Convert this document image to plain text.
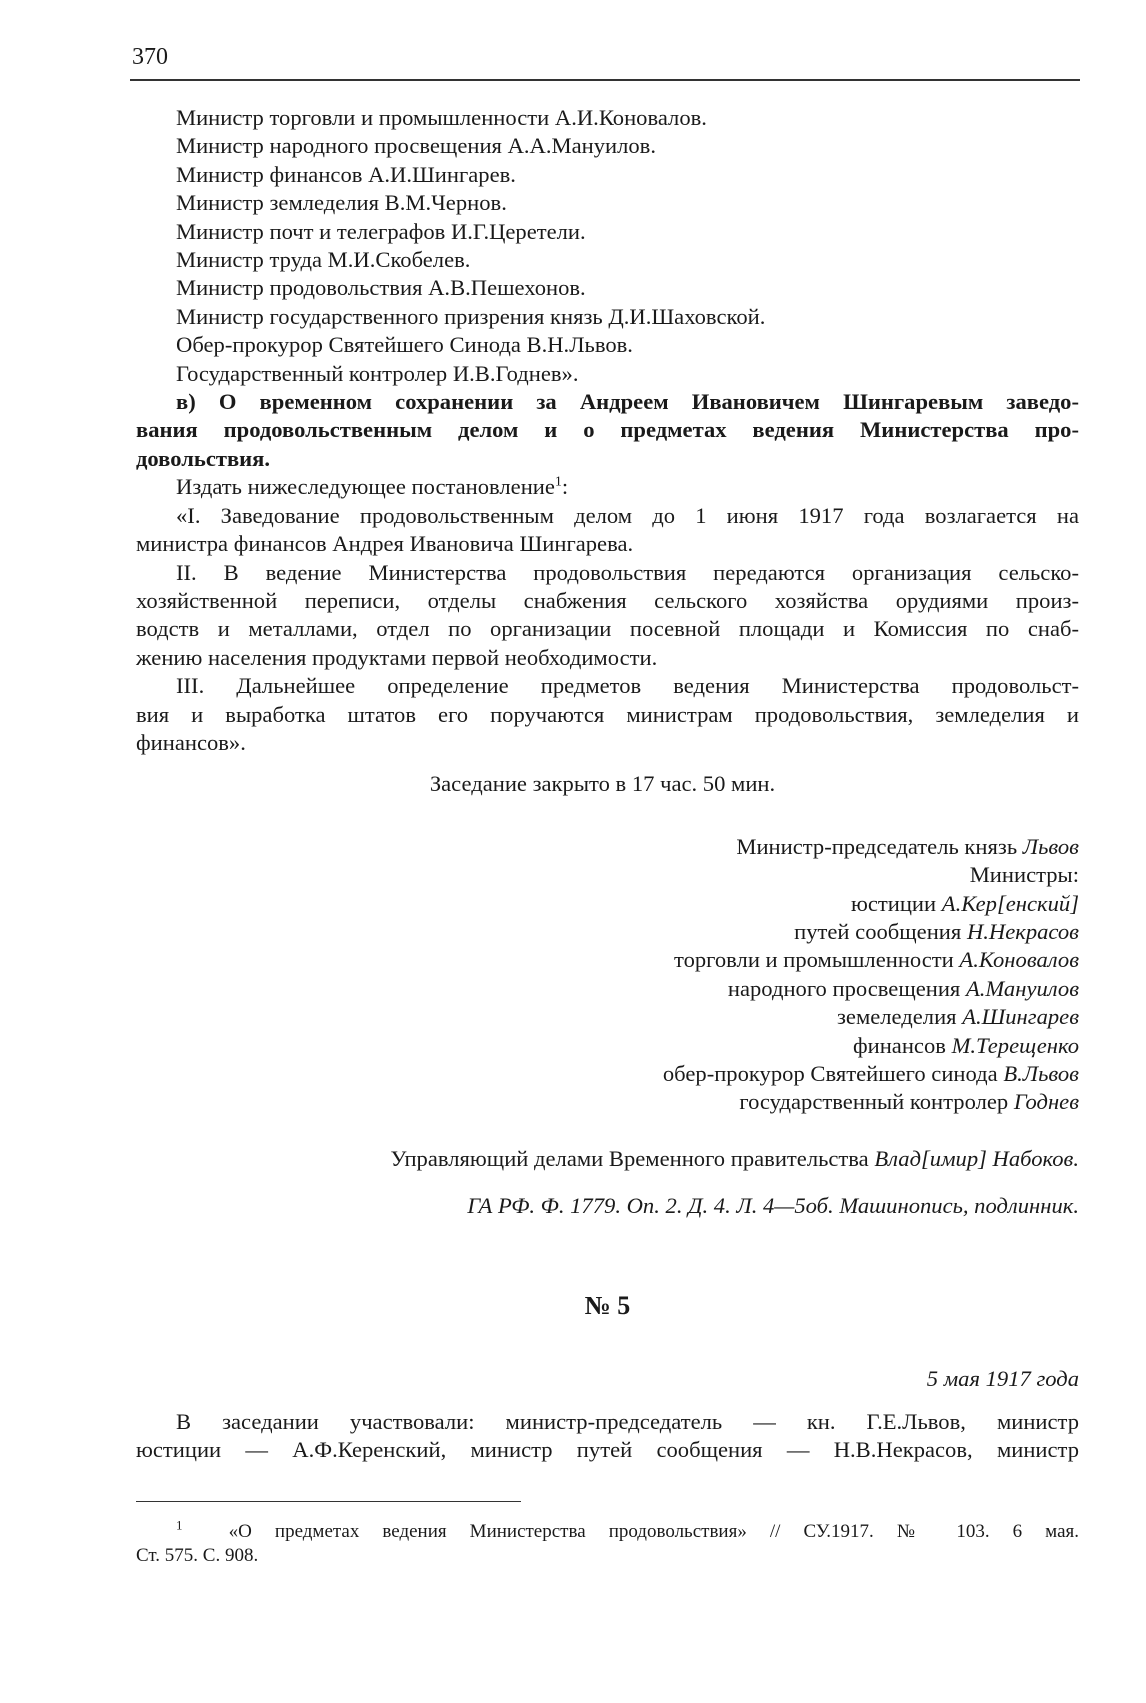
370

Министр торговли и промышленности А.И.Коновалов.

Министр народного просвещения А.А.Мануилов.

Министр финансов А.И.Шингарев.

Министр земледелия В.М.Чернов.

Министр почт и телеграфов И.Г.Церетели.

Министр труда М.И.Скобелев.

Министр продовольствия А.В.Пешехонов.

Министр государственного призрения князь Д.И.Шаховской.

Обер-прокурор Святейшего Синода В.Н.Львов.

Государственный контролер И.В.Годнев».

в) О временном сохранении за Андреем Ивановичем Шингаревым заведо-

вания продовольственным делом и о предметах ведения Министерства про-

довольствия.

Издать нижеследующее постановление$^1$:

«I. Заведование продовольственным делом до 1 июня 1917 года возлагается на

министра финансов Андрея Ивановича Шингарева.

II. В ведение Министерства продовольствия передаются организация сельско-

хозяйственной переписи, отделы снабжения сельского хозяйства орудиями произ-

водств и металлами, отдел по организации посевной площади и Комиссия по снаб-

жению населения продуктами первой необходимости.

III. Дальнейшее определение предметов ведения Министерства продовольст-

вия и выработка штатов его поручаются министрам продовольствия, земледелия и

финансов».

Заседание закрыто в 17 час. 50 мин.

Министр-председатель князь Львов
Министры:
юстиции А.Кер[енский]
путей сообщения Н.Некрасов
торговли и промышленности А.Коновалов
народного просвещения А.Мануилов
земеледелия А.Шингарев
финансов М.Терещенко
обер-прокурор Святейшего синода В.Львов
государственный контролер Годнев

Управляющий делами Временного правительства Влад[имир] Набоков.

ГА РФ. Ф. 1779. Оп. 2. Д. 4. Л. 4—5об. Машинопись, подлинник.

№ 5

5 мая 1917 года

В заседании участвовали: министр-председатель — кн. Г.Е.Львов, министр

юстиции — А.Ф.Керенский, министр путей сообщения — Н.В.Некрасов, министр

$^1$ «О предметах ведения Министерства продовольствия» // СУ.1917. № 103. 6 мая.

Ст. 575. С. 908.
